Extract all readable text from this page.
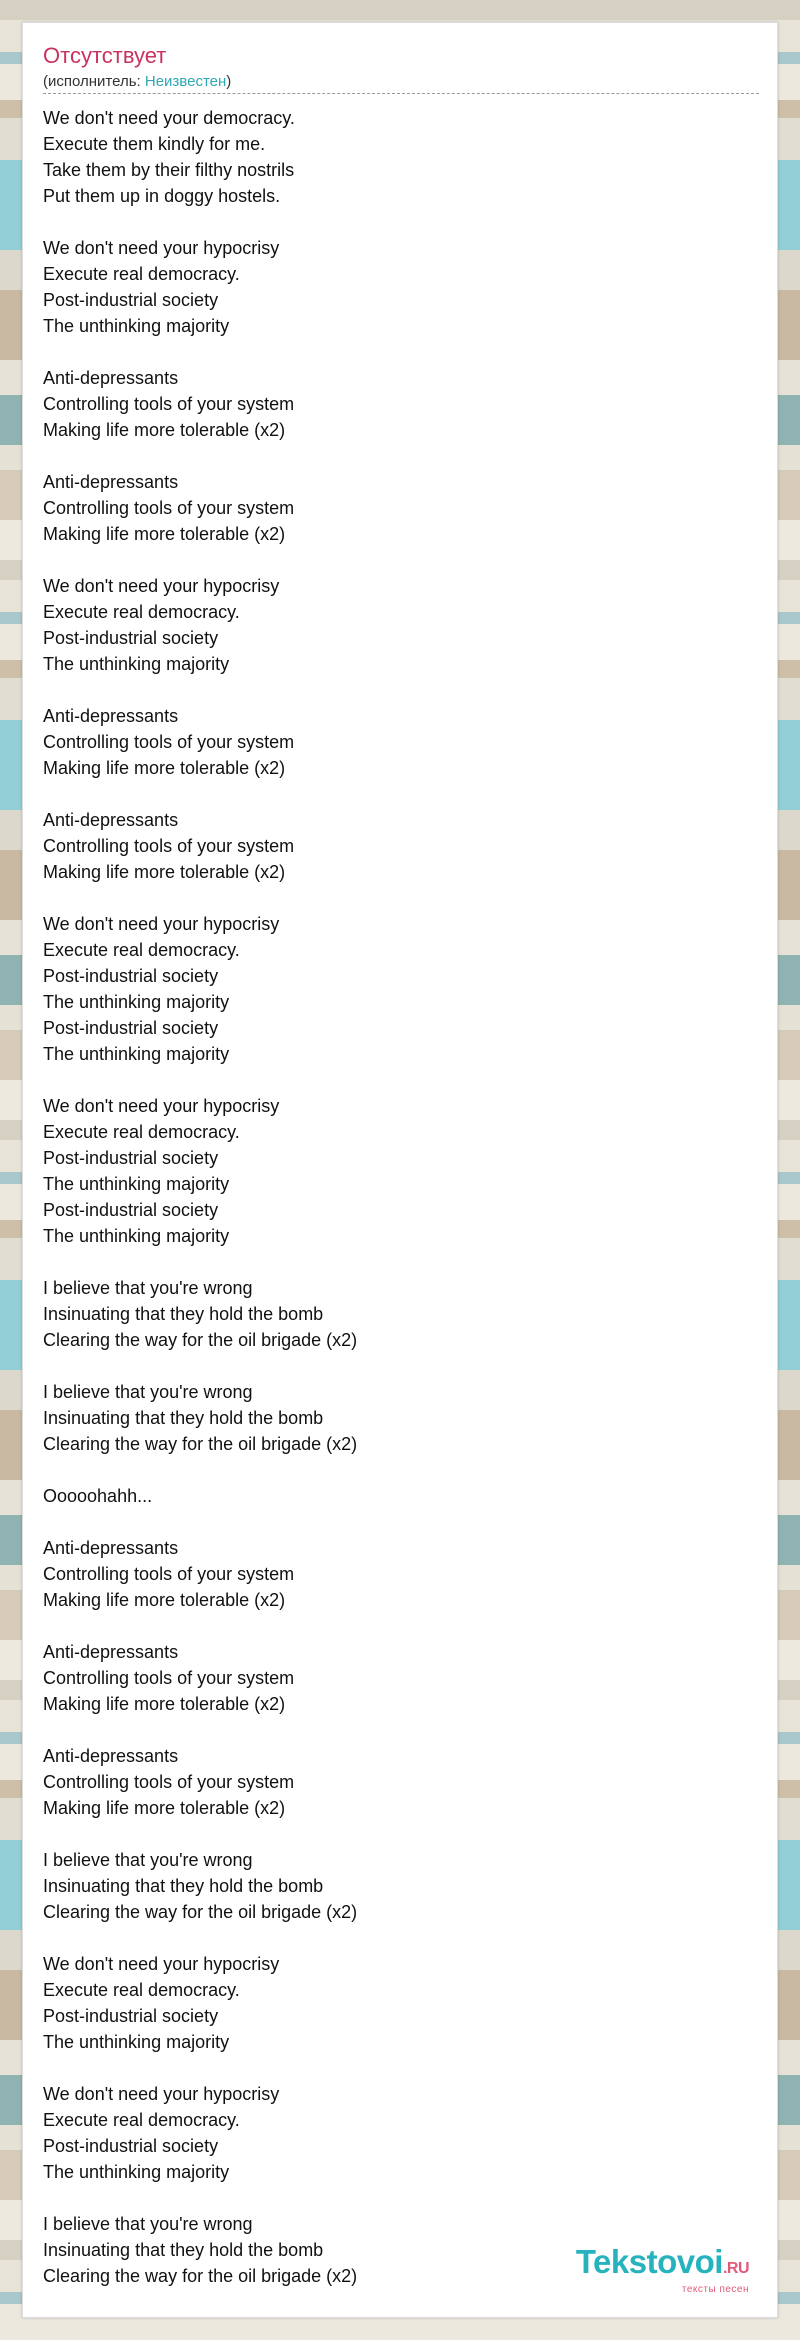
Отсутствует
(исполнитель: Неизвестен)
We don't need your democracy.
Execute them kindly for me.
Take them by their filthy nostrils
Put them up in doggy hostels.
We don't need your hypocrisy
Execute real democracy.
Post-industrial society
The unthinking majority
Anti-depressants
Controlling tools of your system
Making life more tolerable (x2)
Anti-depressants
Controlling tools of your system
Making life more tolerable (x2)
We don't need your hypocrisy
Execute real democracy.
Post-industrial society
The unthinking majority
Anti-depressants
Controlling tools of your system
Making life more tolerable (x2)
Anti-depressants
Controlling tools of your system
Making life more tolerable (x2)
We don't need your hypocrisy
Execute real democracy.
Post-industrial society
The unthinking majority
Post-industrial society
The unthinking majority
We don't need your hypocrisy
Execute real democracy.
Post-industrial society
The unthinking majority
Post-industrial society
The unthinking majority
I believe that you're wrong
Insinuating that they hold the bomb
Clearing the way for the oil brigade (x2)
I believe that you're wrong
Insinuating that they hold the bomb
Clearing the way for the oil brigade (x2)
Ooooohahh...
Anti-depressants
Controlling tools of your system
Making life more tolerable (x2)
Anti-depressants
Controlling tools of your system
Making life more tolerable (x2)
Anti-depressants
Controlling tools of your system
Making life more tolerable (x2)
I believe that you're wrong
Insinuating that they hold the bomb
Clearing the way for the oil brigade (x2)
We don't need your hypocrisy
Execute real democracy.
Post-industrial society
The unthinking majority
We don't need your hypocrisy
Execute real democracy.
Post-industrial society
The unthinking majority
I believe that you're wrong
Insinuating that they hold the bomb
Clearing the way for the oil brigade (x2)	Tekstovoi.RU
тексты песен
